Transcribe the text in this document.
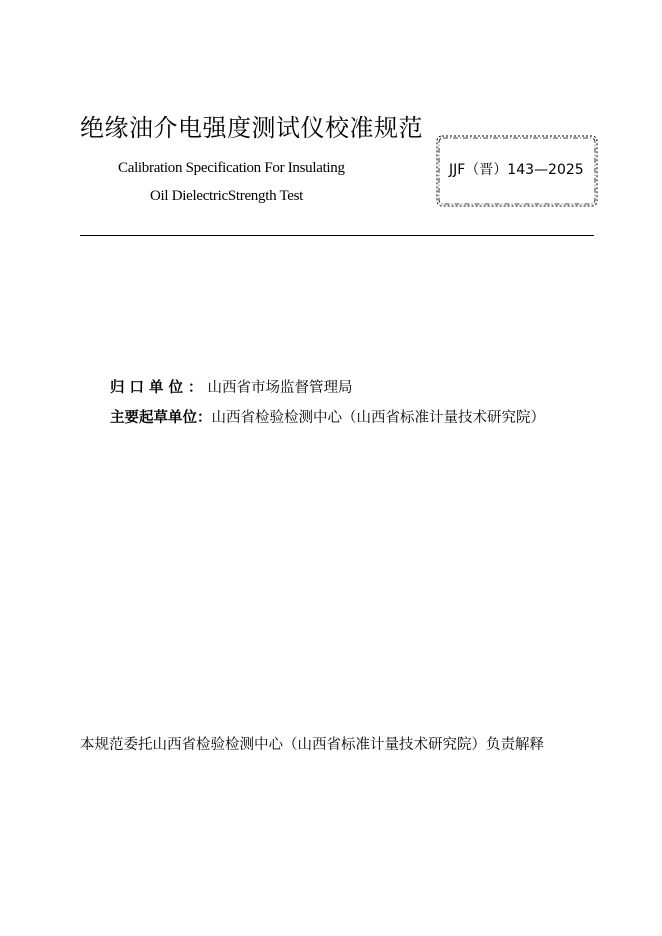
绝缘油介电强度测试仪校准规范
Calibration Specification For Insulating
Oil DielectricStrength Test
JJF（晋）143—2025
归口单位：山西省市场监督管理局
主要起草单位：山西省检验检测中心（山西省标准计量技术研究院）
本规范委托山西省检验检测中心（山西省标准计量技术研究院）负责解释
